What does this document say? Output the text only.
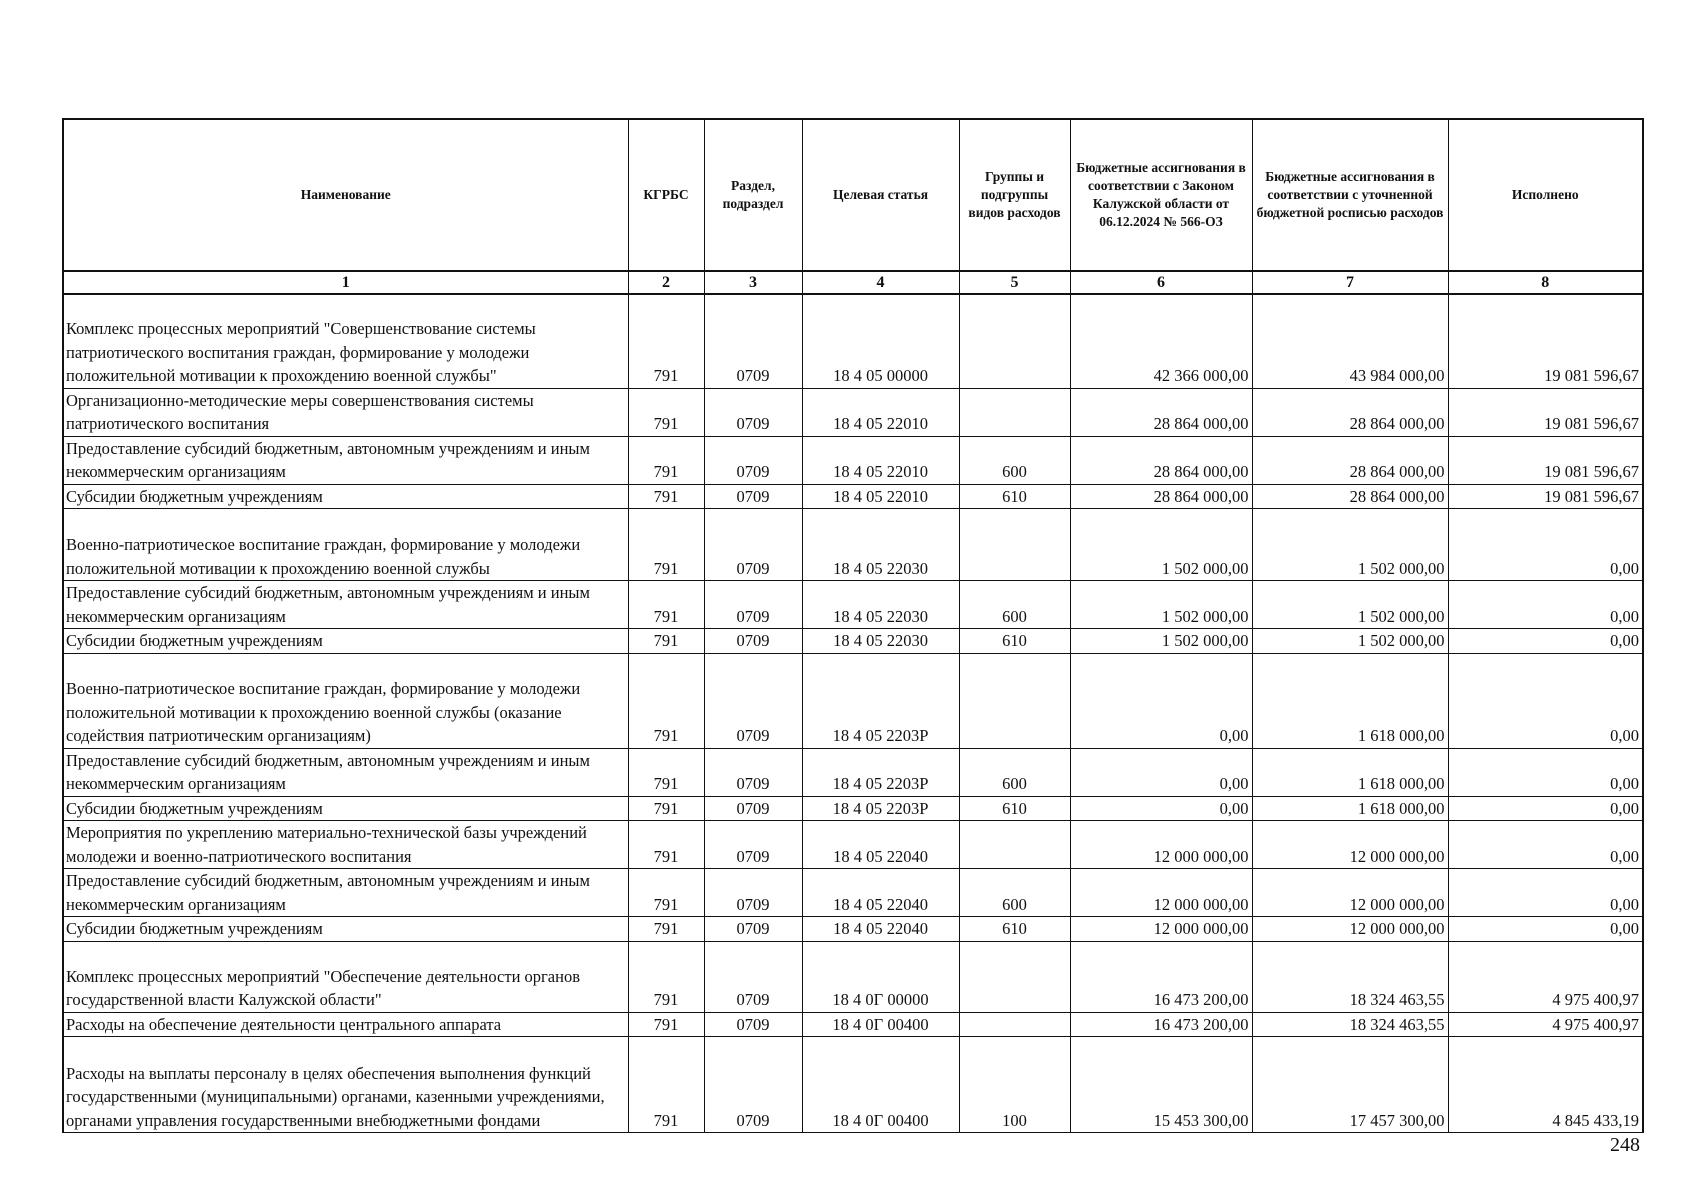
Наименование	КГРБС	Раздел, подраздел	Целевая статья	Группы и подгруппы видов расходов	Бюджетные ассигнования в соответствии с Законом Калужской области от 06.12.2024 № 566-ОЗ	Бюджетные ассигнования в соответствии с уточненной бюджетной росписью расходов	Исполнено
1	2	3	4	5	6	7	8
Комплекс процессных мероприятий "Совершенствование системы патриотического воспитания граждан, формирование у молодежи положительной мотивации к прохождению военной службы"	791	0709	18 4 05 00000		42 366 000,00	43 984 000,00	19 081 596,67
Организационно-методические меры совершенствования системы патриотического воспитания	791	0709	18 4 05 22010		28 864 000,00	28 864 000,00	19 081 596,67
Предоставление субсидий бюджетным, автономным учреждениям и иным некоммерческим организациям	791	0709	18 4 05 22010	600	28 864 000,00	28 864 000,00	19 081 596,67
Субсидии бюджетным учреждениям	791	0709	18 4 05 22010	610	28 864 000,00	28 864 000,00	19 081 596,67
Военно-патриотическое воспитание граждан, формирование у молодежи положительной мотивации к прохождению военной службы	791	0709	18 4 05 22030		1 502 000,00	1 502 000,00	0,00
Предоставление субсидий бюджетным, автономным учреждениям и иным некоммерческим организациям	791	0709	18 4 05 22030	600	1 502 000,00	1 502 000,00	0,00
Субсидии бюджетным учреждениям	791	0709	18 4 05 22030	610	1 502 000,00	1 502 000,00	0,00
Военно-патриотическое воспитание граждан, формирование у молодежи положительной мотивации к прохождению военной службы (оказание содействия патриотическим организациям)	791	0709	18 4 05 2203Р		0,00	1 618 000,00	0,00
Предоставление субсидий бюджетным, автономным учреждениям и иным некоммерческим организациям	791	0709	18 4 05 2203Р	600	0,00	1 618 000,00	0,00
Субсидии бюджетным учреждениям	791	0709	18 4 05 2203Р	610	0,00	1 618 000,00	0,00
Мероприятия по укреплению материально-технической базы учреждений молодежи и военно-патриотического воспитания	791	0709	18 4 05 22040		12 000 000,00	12 000 000,00	0,00
Предоставление субсидий бюджетным, автономным учреждениям и иным некоммерческим организациям	791	0709	18 4 05 22040	600	12 000 000,00	12 000 000,00	0,00
Субсидии бюджетным учреждениям	791	0709	18 4 05 22040	610	12 000 000,00	12 000 000,00	0,00
Комплекс процессных мероприятий "Обеспечение деятельности органов государственной власти Калужской области"	791	0709	18 4 0Г 00000		16 473 200,00	18 324 463,55	4 975 400,97
Расходы на обеспечение деятельности центрального аппарата	791	0709	18 4 0Г 00400		16 473 200,00	18 324 463,55	4 975 400,97
Расходы на выплаты персоналу в целях обеспечения выполнения функций государственными (муниципальными) органами, казенными учреждениями, органами управления государственными внебюджетными фондами	791	0709	18 4 0Г 00400	100	15 453 300,00	17 457 300,00	4 845 433,19
248
